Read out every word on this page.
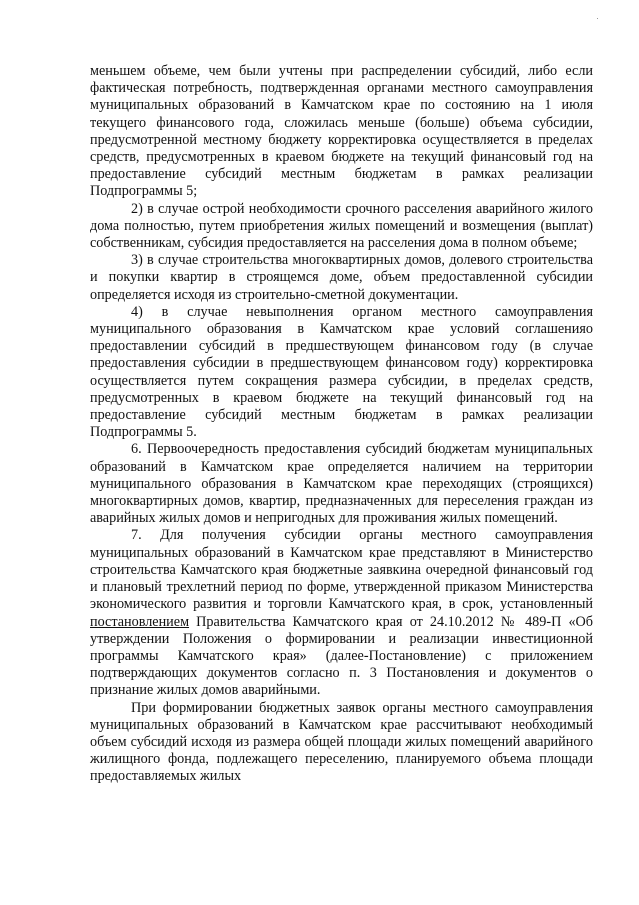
меньшем объеме, чем были учтены при распределении субсидий, либо если фактическая потребность, подтвержденная органами местного самоуправления муниципальных образований в Камчатском крае по состоянию на 1 июля текущего финансового года, сложилась меньше (больше) объема субсидии, предусмотренной местному бюджету корректировка осуществляется в пределах средств, предусмотренных в краевом бюджете на текущий финансовый год на предоставление субсидий местным бюджетам в рамках реализации Подпрограммы 5;

2) в случае острой необходимости срочного расселения аварийного жилого дома полностью, путем приобретения жилых помещений и возмещения (выплат) собственникам, субсидия предоставляется на расселения дома в полном объеме;

3) в случае строительства многоквартирных домов, долевого строительства и покупки квартир в строящемся доме, объем предоставленной субсидии определяется исходя из строительно-сметной документации.

4) в случае невыполнения органом местного самоуправления муниципального образования в Камчатском крае условий соглашенияо предоставлении субсидий в предшествующем финансовом году (в случае предоставления субсидии в предшествующем финансовом году) корректировка осуществляется путем сокращения размера субсидии, в пределах средств, предусмотренных в краевом бюджете на текущий финансовый год на предоставление субсидий местным бюджетам в рамках реализации Подпрограммы 5.

6. Первоочередность предоставления субсидий бюджетам муниципальных образований в Камчатском крае определяется наличием на территории муниципального образования в Камчатском крае переходящих (строящихся) многоквартирных домов, квартир, предназначенных для переселения граждан из аварийных жилых домов и непригодных для проживания жилых помещений.

7. Для получения субсидии органы местного самоуправления муниципальных образований в Камчатском крае представляют в Министерство строительства Камчатского края бюджетные заявкина очередной финансовый год и плановый трехлетний период по форме, утвержденной приказом Министерства экономического развития и торговли Камчатского края, в срок, установленный постановлением Правительства Камчатского края от 24.10.2012 № 489-П «Об утверждении Положения о формировании и реализации инвестиционной программы Камчатского края» (далее-Постановление) с приложением подтверждающих документов согласно п. 3 Постановления и документов о признание жилых домов аварийными.

При формировании бюджетных заявок органы местного самоуправления муниципальных образований в Камчатском крае рассчитывают необходимый объем субсидий исходя из размера общей площади жилых помещений аварийного жилищного фонда, подлежащего переселению, планируемого объема площади предоставляемых жилых
